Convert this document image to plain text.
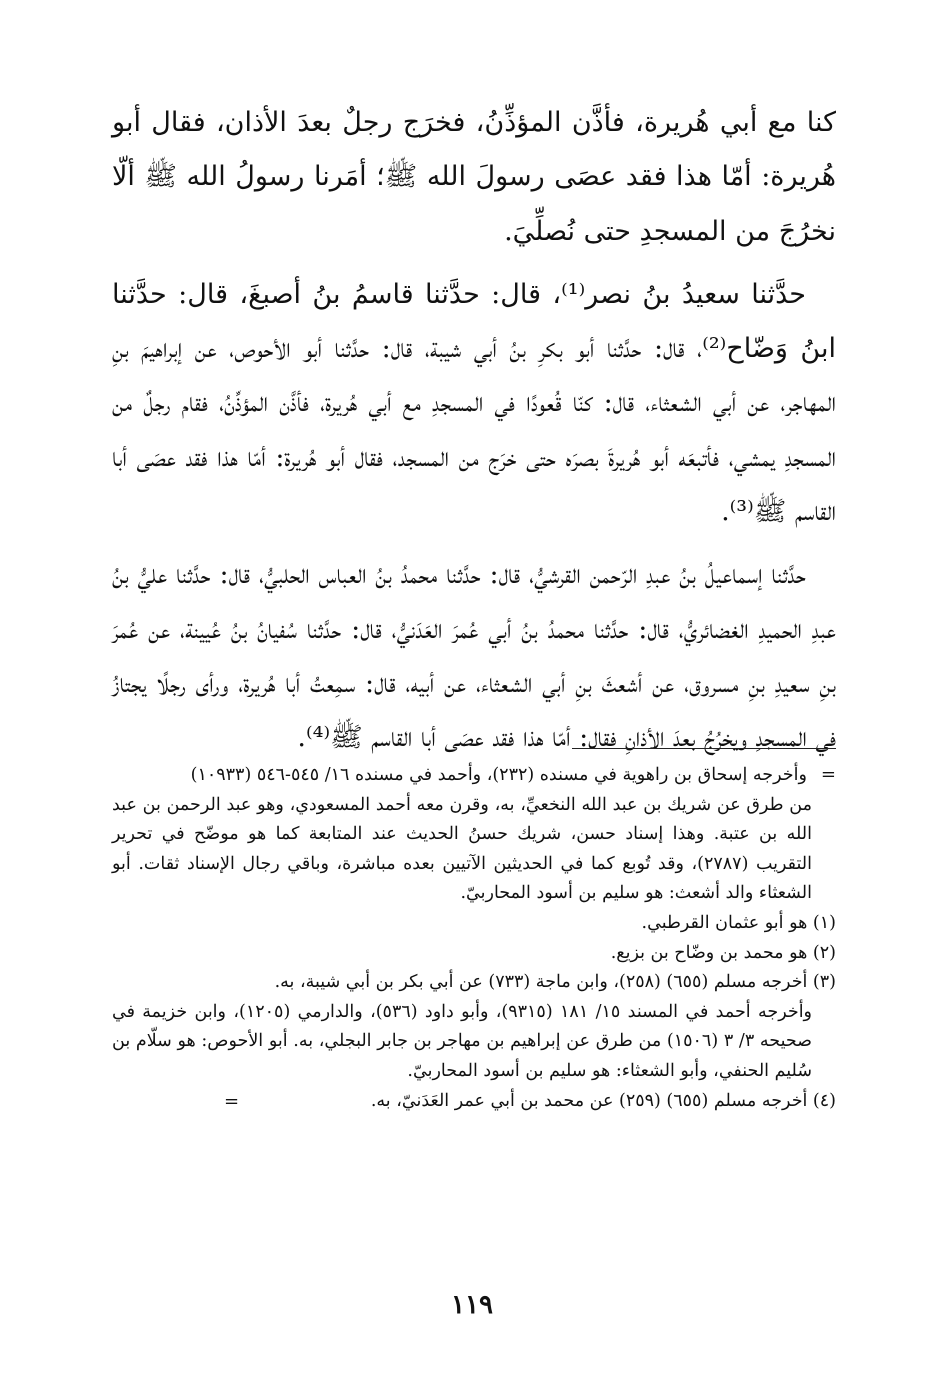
كنا مع أبي هُريرة، فأذَّن المؤذِّنُ، فخرَج رجلٌ بعدَ الأذان، فقال أبو هُريرة: أمّا هذا فقد عصَى رسولَ الله ﷺ؛ أمَرنا رسولُ الله ﷺ ألّا نخرُجَ من المسجدِ حتى نُصلِّيَ.

حدَّثنا سعيدُ بنُ نصر⁽¹⁾، قال: حدَّثنا قاسمُ بنُ أصبغَ، قال: حدَّثنا ابنُ وَضّاح⁽²⁾، قال: حدَّثنا أبو بكرِ بنُ أبي شيبة، قال: حدَّثنا أبو الأحوص، عن إبراهيمَ بنِ المهاجر، عن أبي الشعثاء، قال: كنّا قُعودًا في المسجدِ مع أبي هُريرة، فأذَّن المؤذِّنُ، فقام رجلٌ من المسجدِ يمشي، فأتبعَه أبو هُريرةَ بصرَه حتى خرَج من المسجد، فقال أبو هُريرة: أمّا هذا فقد عصَى أبا القاسم ﷺ⁽³⁾.

حدَّثنا إسماعيلُ بنُ عبدِ الرّحمن القرشيُّ، قال: حدَّثنا محمدُ بنُ العباس الحلبيُّ، قال: حدَّثنا عليُّ بنُ عبدِ الحميدِ الغضائريُّ، قال: حدَّثنا محمدُ بنُ أبي عُمرَ العَدَنيُّ، قال: حدَّثنا سُفيانُ بنُ عُيينة، عن عُمرَ بنِ سعيدِ بنِ مسروق، عن أشعثَ بنِ أبي الشعثاء، عن أبيه، قال: سمِعتُ أبا هُريرة، ورأى رجلًا يجتازُ في المسجدِ ويخرُجُ بعدَ الأذانِ فقال: أمّا هذا فقد عصَى أبا القاسم ﷺ⁽⁴⁾.

=وأخرجه إسحاق بن راهوية في مسنده (٢٣٢)، وأحمد في مسنده ١٦/ ٥٤٥-٥٤٦ (١٠٩٣٣)

من طرق عن شريك بن عبد الله النخعيِّ، به، وقرن معه أحمد المسعودي، وهو عبد الرحمن بن عبد الله بن عتبة. وهذا إسناد حسن، شريك حسنُ الحديث عند المتابعة كما هو موضّح في تحرير التقريب (٢٧٨٧)، وقد تُوبع كما في الحديثين الآتيين بعده مباشرة، وباقي رجال الإسناد ثقات. أبو الشعثاء والد أشعث: هو سليم بن أسود المحاربيّ.

(١) هو أبو عثمان القرطبي.

(٢) هو محمد بن وضّاح بن بزيع.

(٣) أخرجه مسلم (٦٥٥) (٢٥٨)، وابن ماجة (٧٣٣) عن أبي بكر بن أبي شيبة، به.

وأخرجه أحمد في المسند ١٥/ ١٨١ (٩٣١٥)، وأبو داود (٥٣٦)، والدارمي (١٢٠٥)، وابن خزيمة في صحيحه ٣/ ٣ (١٥٠٦) من طرق عن إبراهيم بن مهاجر بن جابر البجلي، به. أبو الأحوص: هو سلّام بن سُليم الحنفي، وأبو الشعثاء: هو سليم بن أسود المحاربيّ.

(٤) أخرجه مسلم (٦٥٥) (٢٥٩) عن محمد بن أبي عمر العَدَنيّ، به.
=

١١٩
